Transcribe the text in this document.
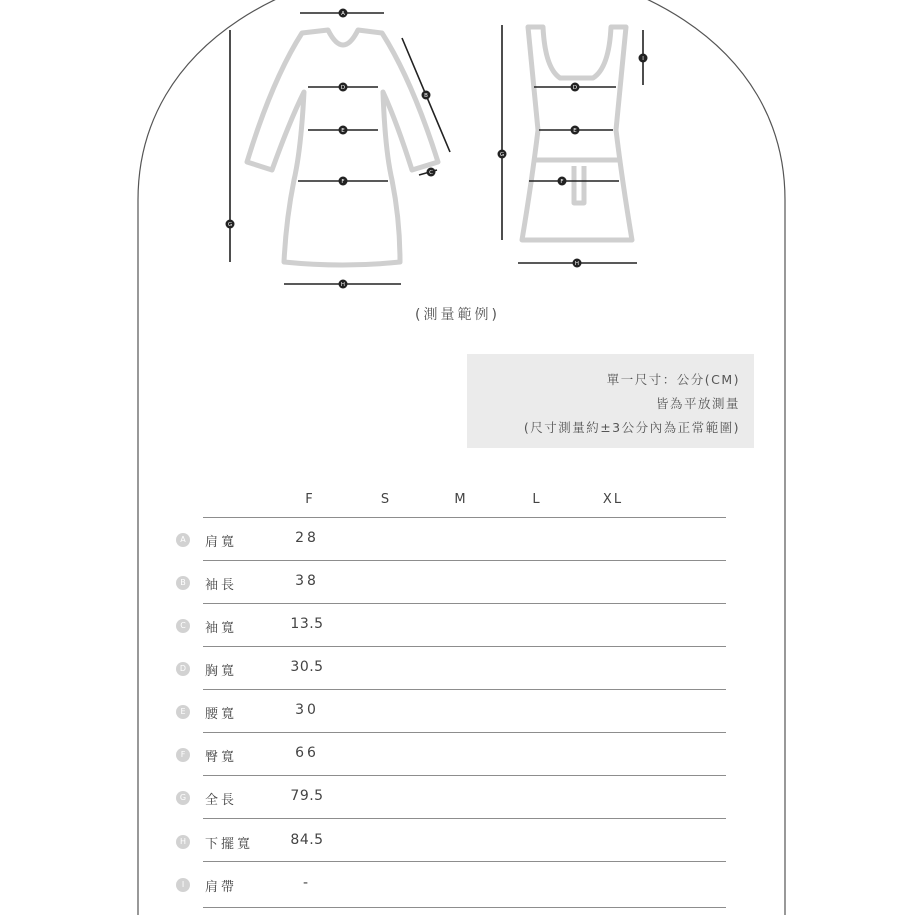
A
B
C
D
E
F
G
H
I
D
E
F
G
H
(測量範例)
單一尺寸：公分(CM)
皆為平放測量
(尺寸測量約±3公分內為正常範圍)
F	S	M	L	XL
A	肩寬	28
B	袖長	38
C	袖寬	13.5
D	胸寬	30.5
E	腰寬	30
F	臀寬	66
G	全長	79.5
H	下擺寬	84.5
I	肩帶	-
